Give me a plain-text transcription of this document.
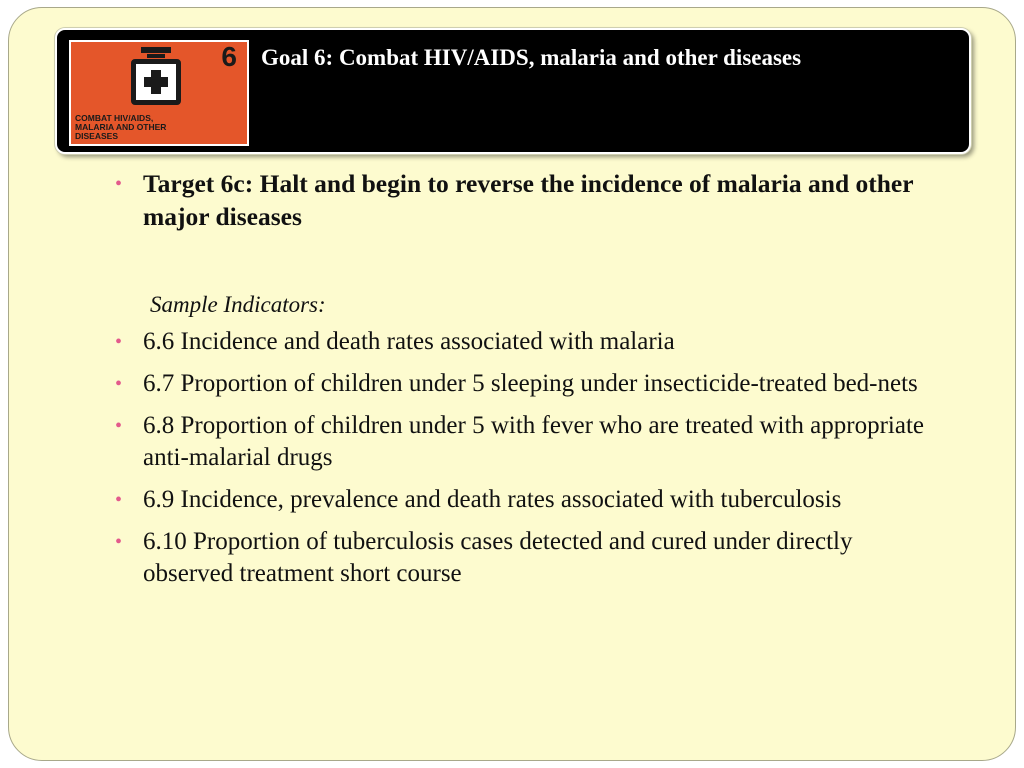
6
COMBAT HIV/AIDS,
MALARIA AND OTHER
DISEASES
Goal 6: Combat HIV/AIDS, malaria and other diseases
• Target 6c: Halt and begin to reverse the incidence of malaria and other major diseases
Sample Indicators:
• 6.6 Incidence and death rates associated with malaria
• 6.7 Proportion of children under 5 sleeping under insecticide-treated bed-nets
• 6.8 Proportion of children under 5 with fever who are treated with appropriate anti-malarial drugs
• 6.9 Incidence, prevalence and death rates associated with tuberculosis
• 6.10 Proportion of tuberculosis cases detected and cured under directly observed treatment short course
